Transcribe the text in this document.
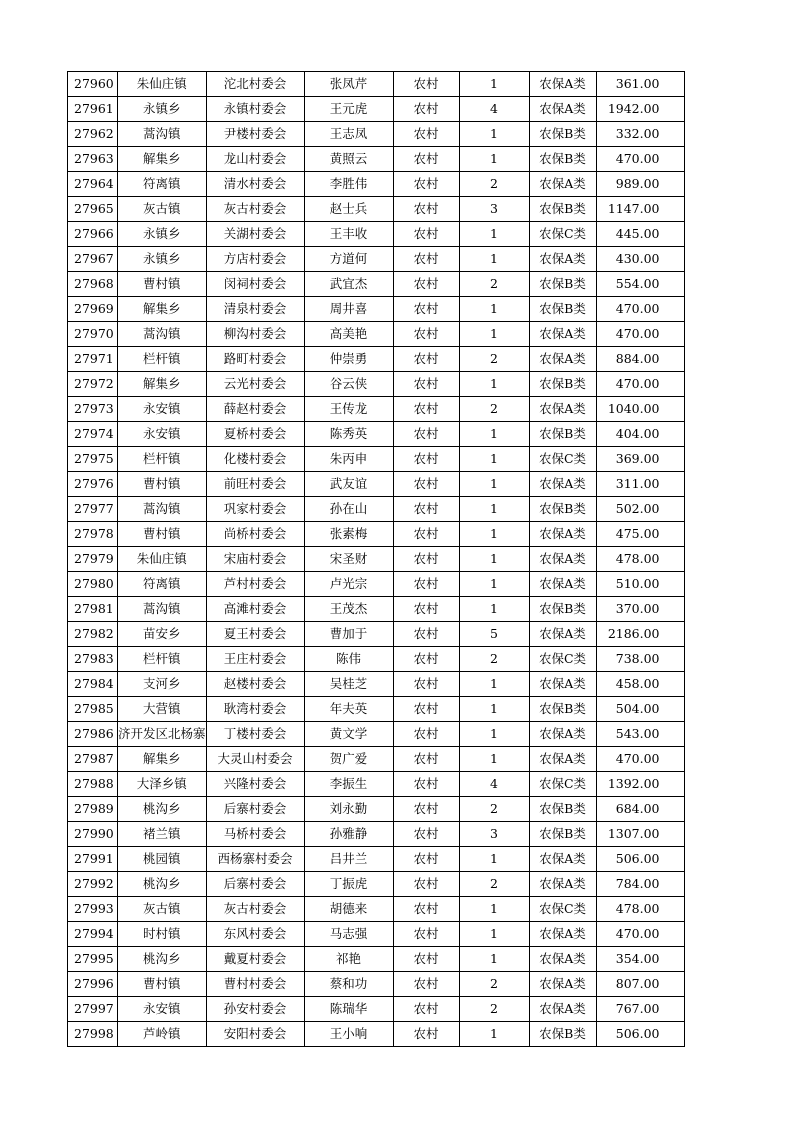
27960	朱仙庄镇	沱北村委会	张凤芹	农村	1	农保A类	361.00
27961	永镇乡	永镇村委会	王元虎	农村	4	农保A类	1942.00
27962	蒿沟镇	尹楼村委会	王志凤	农村	1	农保B类	332.00
27963	解集乡	龙山村委会	黄照云	农村	1	农保B类	470.00
27964	符离镇	清水村委会	李胜伟	农村	2	农保A类	989.00
27965	灰古镇	灰古村委会	赵士兵	农村	3	农保B类	1147.00
27966	永镇乡	关湖村委会	王丰收	农村	1	农保C类	445.00
27967	永镇乡	方店村委会	方道何	农村	1	农保A类	430.00
27968	曹村镇	闵祠村委会	武宜杰	农村	2	农保B类	554.00
27969	解集乡	清泉村委会	周井喜	农村	1	农保B类	470.00
27970	蒿沟镇	柳沟村委会	高美艳	农村	1	农保A类	470.00
27971	栏杆镇	路町村委会	仲崇勇	农村	2	农保A类	884.00
27972	解集乡	云光村委会	谷云侠	农村	1	农保B类	470.00
27973	永安镇	薛赵村委会	王传龙	农村	2	农保A类	1040.00
27974	永安镇	夏桥村委会	陈秀英	农村	1	农保B类	404.00
27975	栏杆镇	化楼村委会	朱丙申	农村	1	农保C类	369.00
27976	曹村镇	前旺村委会	武友谊	农村	1	农保A类	311.00
27977	蒿沟镇	巩家村委会	孙在山	农村	1	农保B类	502.00
27978	曹村镇	尚桥村委会	张素梅	农村	1	农保A类	475.00
27979	朱仙庄镇	宋庙村委会	宋圣财	农村	1	农保A类	478.00
27980	符离镇	芦村村委会	卢光宗	农村	1	农保A类	510.00
27981	蒿沟镇	高滩村委会	王茂杰	农村	1	农保B类	370.00
27982	苗安乡	夏王村委会	曹加于	农村	5	农保A类	2186.00
27983	栏杆镇	王庄村委会	陈伟	农村	2	农保C类	738.00
27984	支河乡	赵楼村委会	吴桂芝	农村	1	农保A类	458.00
27985	大营镇	耿湾村委会	年夫英	农村	1	农保B类	504.00
27986	济开发区北杨寨	丁楼村委会	黄文学	农村	1	农保A类	543.00
27987	解集乡	大灵山村委会	贺广爱	农村	1	农保A类	470.00
27988	大泽乡镇	兴隆村委会	李振生	农村	4	农保C类	1392.00
27989	桃沟乡	后寨村委会	刘永勤	农村	2	农保B类	684.00
27990	褚兰镇	马桥村委会	孙雅静	农村	3	农保B类	1307.00
27991	桃园镇	西杨寨村委会	吕井兰	农村	1	农保A类	506.00
27992	桃沟乡	后寨村委会	丁振虎	农村	2	农保A类	784.00
27993	灰古镇	灰古村委会	胡德来	农村	1	农保C类	478.00
27994	时村镇	东风村委会	马志强	农村	1	农保A类	470.00
27995	桃沟乡	戴夏村委会	祁艳	农村	1	农保A类	354.00
27996	曹村镇	曹村村委会	蔡和功	农村	2	农保A类	807.00
27997	永安镇	孙安村委会	陈瑞华	农村	2	农保A类	767.00
27998	芦岭镇	安阳村委会	王小响	农村	1	农保B类	506.00
